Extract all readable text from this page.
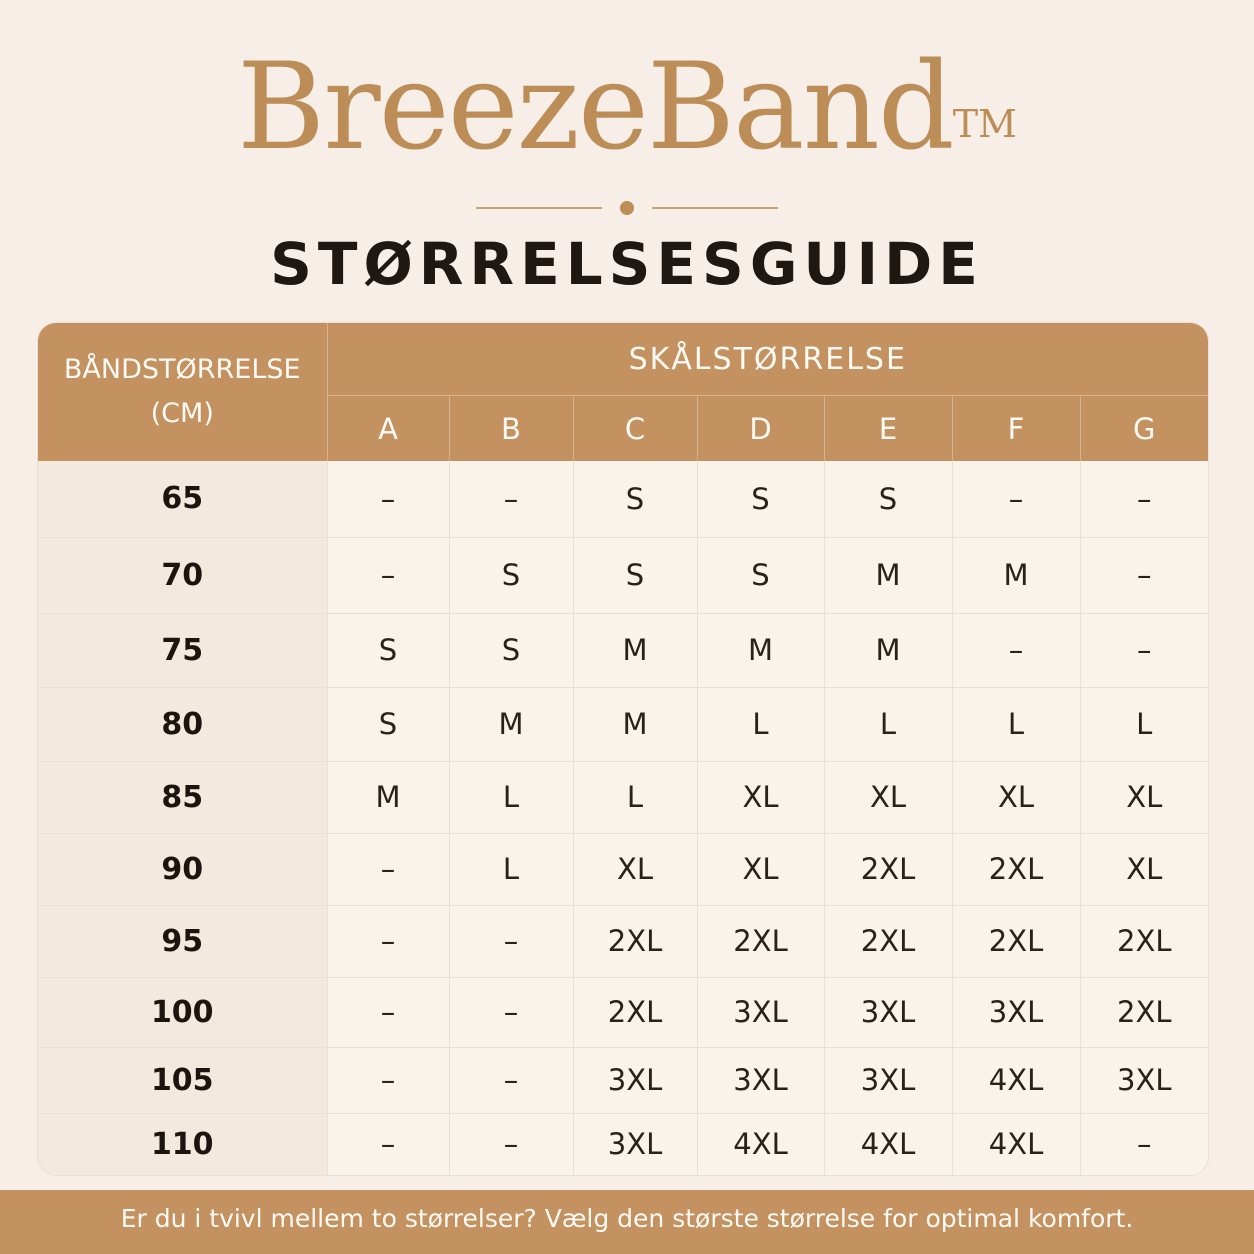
BreezeBand™
STØRRELSESGUIDE
BÅNDSTØRRELSE
(CM)	SKÅLSTØRRELSE						
	A	B	C	D	E	F	G
65	–	–	S	S	S	–	–
70	–	S	S	S	M	M	–
75	S	S	M	M	M	–	–
80	S	M	M	L	L	L	L
85	M	L	L	XL	XL	XL	XL
90	–	L	XL	XL	2XL	2XL	XL
95	–	–	2XL	2XL	2XL	2XL	2XL
100	–	–	2XL	3XL	3XL	3XL	2XL
105	–	–	3XL	3XL	3XL	4XL	3XL
110	–	–	3XL	4XL	4XL	4XL	–
Er du i tvivl mellem to størrelser? Vælg den største størrelse for optimal komfort.
